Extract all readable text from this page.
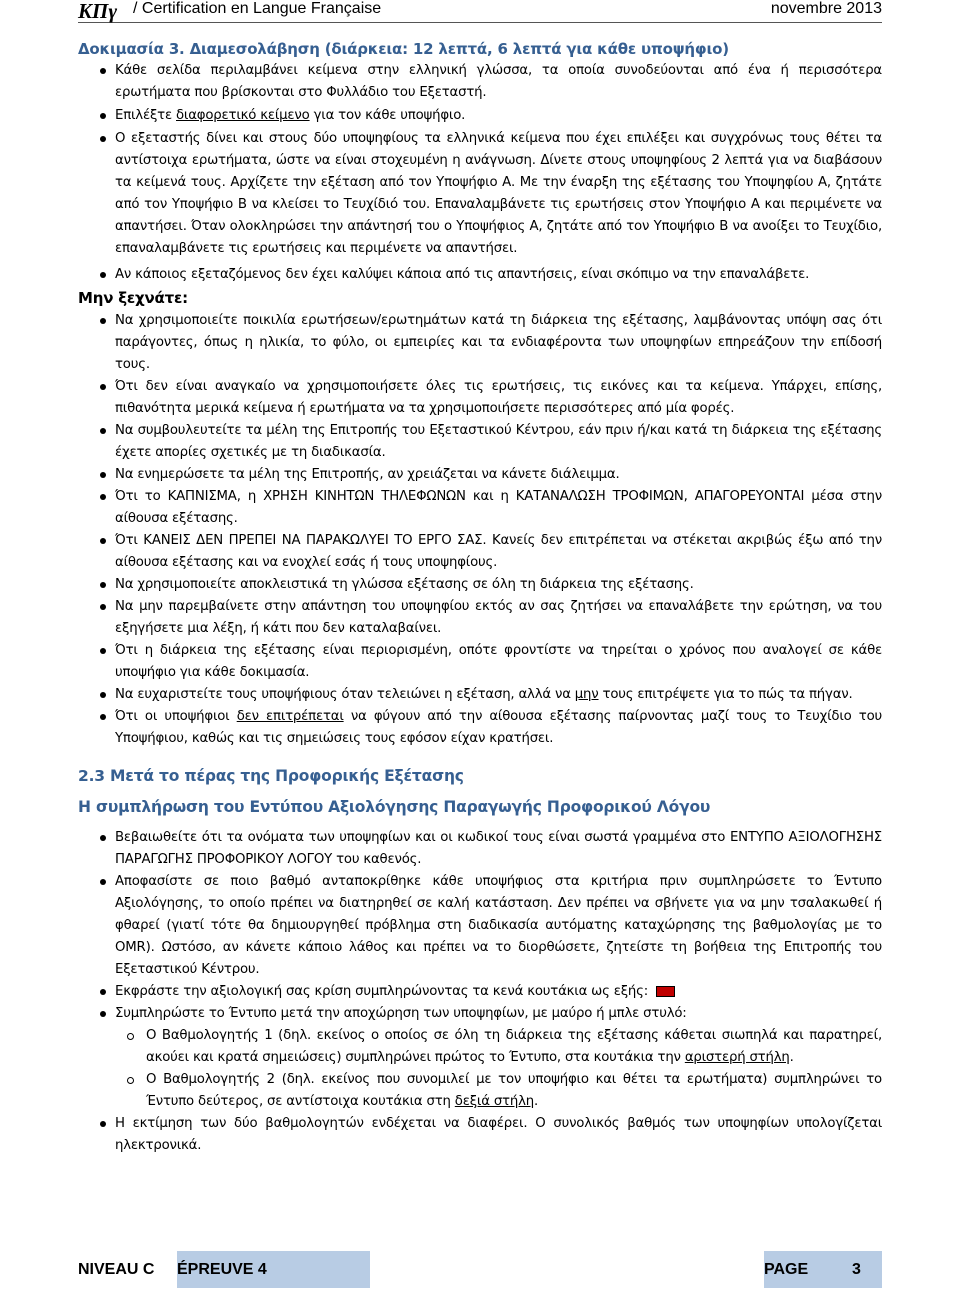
ΚΠγ / Certification en Langue Française	novembre 2013

Δοκιμασία 3. Διαμεσολάβηση (διάρκεια: 12 λεπτά, 6 λεπτά για κάθε υποψήφιο)

Κάθε σελίδα περιλαμβάνει κείμενα στην ελληνική γλώσσα, τα οποία συνοδεύονται από ένα ή περισσότερα ερωτήματα που βρίσκονται στο Φυλλάδιο του Εξεταστή.
Επιλέξτε διαφορετικό κείμενο για τον κάθε υποψήφιο.
Ο εξεταστής δίνει και στους δύο υποψηφίους τα ελληνικά κείμενα που έχει επιλέξει και συγχρόνως τους θέτει τα αντίστοιχα ερωτήματα, ώστε να είναι στοχευμένη η ανάγνωση. Δίνετε στους υποψηφίους 2 λεπτά για να διαβάσουν τα κείμενά τους. Αρχίζετε την εξέταση από τον Υποψήφιο Α. Με την έναρξη της εξέτασης του Υποψηφίου Α, ζητάτε από τον Υποψήφιο Β να κλείσει το Τευχίδιό του. Επαναλαμβάνετε τις ερωτήσεις στον Υποψήφιο Α και περιμένετε να απαντήσει. Όταν ολοκληρώσει την απάντησή του ο Υποψήφιος Α, ζητάτε από τον Υποψήφιο Β να ανοίξει το Τευχίδιο, επαναλαμβάνετε τις ερωτήσεις και περιμένετε να απαντήσει.
Αν κάποιος εξεταζόμενος δεν έχει καλύψει κάποια από τις απαντήσεις, είναι σκόπιμο να την επαναλάβετε.

Μην ξεχνάτε:

Να χρησιμοποιείτε ποικιλία ερωτήσεων/ερωτημάτων κατά τη διάρκεια της εξέτασης, λαμβάνοντας υπόψη σας ότι παράγοντες, όπως η ηλικία, το φύλο, οι εμπειρίες και τα ενδιαφέροντα των υποψηφίων επηρεάζουν την επίδοσή τους.
Ότι δεν είναι αναγκαίο να χρησιμοποιήσετε όλες τις ερωτήσεις, τις εικόνες και τα κείμενα. Υπάρχει, επίσης, πιθανότητα μερικά κείμενα ή ερωτήματα να τα χρησιμοποιήσετε περισσότερες από μία φορές.
Να συμβουλευτείτε τα μέλη της Επιτροπής του Εξεταστικού Κέντρου, εάν πριν ή/και κατά τη διάρκεια της εξέτασης έχετε απορίες σχετικές με τη διαδικασία.
Να ενημερώσετε τα μέλη της Επιτροπής, αν χρειάζεται να κάνετε διάλειμμα.
Ότι το ΚΑΠΝΙΣΜΑ, η ΧΡΗΣΗ ΚΙΝΗΤΩΝ ΤΗΛΕΦΩΝΩΝ και η ΚΑΤΑΝΑΛΩΣΗ ΤΡΟΦΙΜΩΝ, ΑΠΑΓΟΡΕΥΟΝΤΑΙ μέσα στην αίθουσα εξέτασης.
Ότι ΚΑΝΕΙΣ ΔΕΝ ΠΡΕΠΕΙ ΝΑ ΠΑΡΑΚΩΛΥΕΙ ΤΟ ΕΡΓΟ ΣΑΣ. Κανείς δεν επιτρέπεται να στέκεται ακριβώς έξω από την αίθουσα εξέτασης και να ενοχλεί εσάς ή τους υποψηφίους.
Να χρησιμοποιείτε αποκλειστικά τη γλώσσα εξέτασης σε όλη τη διάρκεια της εξέτασης.
Να μην παρεμβαίνετε στην απάντηση του υποψηφίου εκτός αν σας ζητήσει να επαναλάβετε την ερώτηση, να του εξηγήσετε μια λέξη, ή κάτι που δεν καταλαβαίνει.
Ότι η διάρκεια της εξέτασης είναι περιορισμένη, οπότε φροντίστε να τηρείται ο χρόνος που αναλογεί σε κάθε υποψήφιο για κάθε δοκιμασία.
Να ευχαριστείτε τους υποψήφιους όταν τελειώνει η εξέταση, αλλά να μην τους επιτρέψετε για το πώς τα πήγαν.
Ότι οι υποψήφιοι δεν επιτρέπεται να φύγουν από την αίθουσα εξέτασης παίρνοντας μαζί τους το Τευχίδιο του Υποψήφιου, καθώς και τις σημειώσεις τους εφόσον είχαν κρατήσει.

2.3 Μετά το πέρας της Προφορικής Εξέτασης

Η συμπλήρωση του Εντύπου Αξιολόγησης Παραγωγής Προφορικού Λόγου

Βεβαιωθείτε ότι τα ονόματα των υποψηφίων και οι κωδικοί τους είναι σωστά γραμμένα στο ΕΝΤΥΠΟ ΑΞΙΟΛΟΓΗΣΗΣ ΠΑΡΑΓΩΓΗΣ ΠΡΟΦΟΡΙΚΟΥ ΛΟΓΟΥ του καθενός.
Αποφασίστε σε ποιο βαθμό ανταποκρίθηκε κάθε υποψήφιος στα κριτήρια πριν συμπληρώσετε το Έντυπο Αξιολόγησης, το οποίο πρέπει να διατηρηθεί σε καλή κατάσταση. Δεν πρέπει να σβήνετε για να μην τσαλακωθεί ή φθαρεί (γιατί τότε θα δημιουργηθεί πρόβλημα στη διαδικασία αυτόματης καταχώρησης της βαθμολογίας με το OMR). Ωστόσο, αν κάνετε κάποιο λάθος και πρέπει να το διορθώσετε, ζητείστε τη βοήθεια της Επιτροπής του Εξεταστικού Κέντρου.
Εκφράστε την αξιολογική σας κρίση συμπληρώνοντας τα κενά κουτάκια ως εξής:
Συμπληρώστε το Έντυπο μετά την αποχώρηση των υποψηφίων, με μαύρο ή μπλε στυλό:
Ο Βαθμολογητής 1 (δηλ. εκείνος ο οποίος σε όλη τη διάρκεια της εξέτασης κάθεται σιωπηλά και παρατηρεί, ακούει και κρατά σημειώσεις) συμπληρώνει πρώτος το Έντυπο, στα κουτάκια την αριστερή στήλη.
Ο Βαθμολογητής 2 (δηλ. εκείνος που συνομιλεί με τον υποψήφιο και θέτει τα ερωτήματα) συμπληρώνει το Έντυπο δεύτερος, σε αντίστοιχα κουτάκια στη δεξιά στήλη.
Η εκτίμηση των δύο βαθμολογητών ενδέχεται να διαφέρει. Ο συνολικός βαθμός των υποψηφίων υπολογίζεται ηλεκτρονικά.
NIVEAU C	ÉPREUVE 4	PAGE	3
